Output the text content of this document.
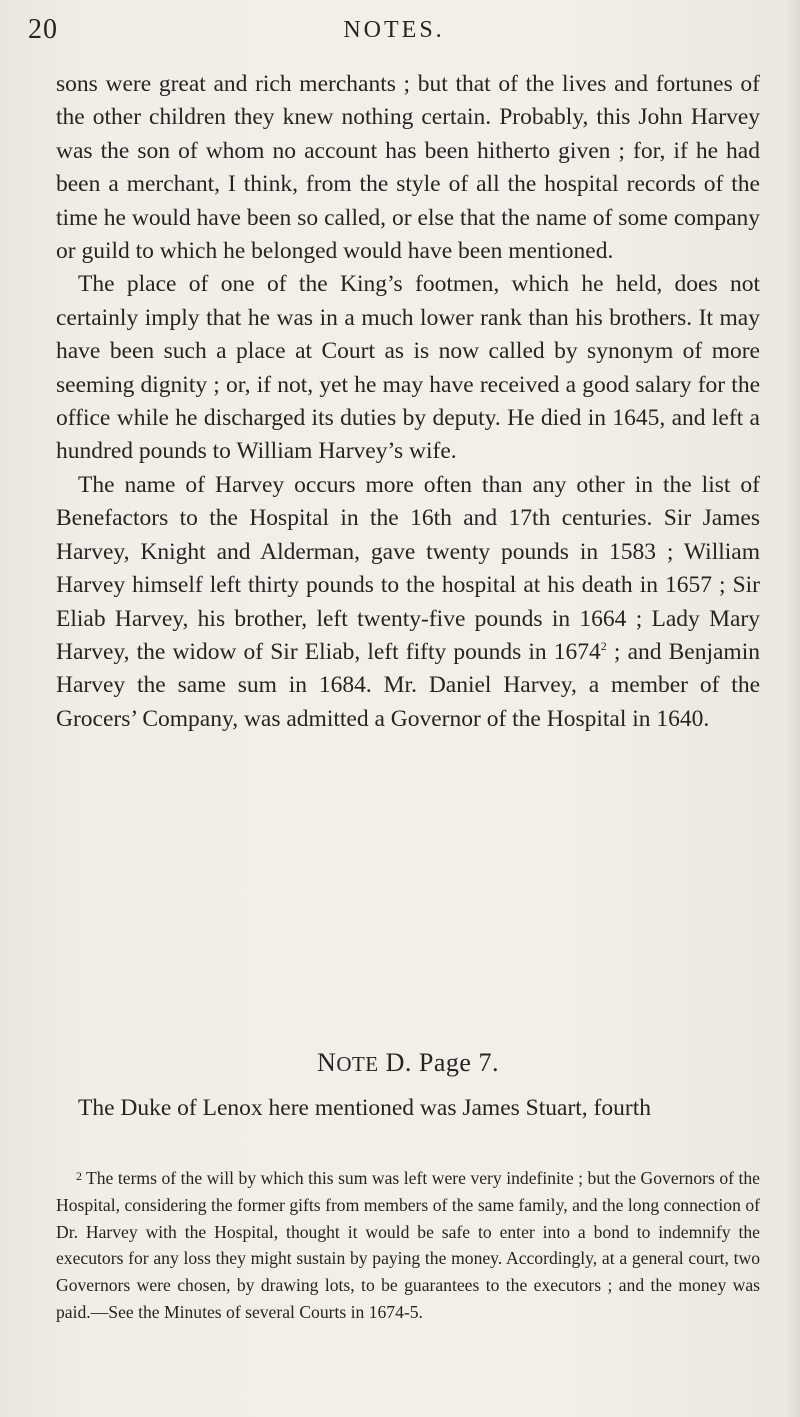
20	NOTES.

sons were great and rich merchants ; but that of the lives and fortunes of the other children they knew nothing certain. Probably, this John Harvey was the son of whom no account has been hitherto given ; for, if he had been a merchant, I think, from the style of all the hospital records of the time he would have been so called, or else that the name of some company or guild to which he belonged would have been mentioned.

The place of one of the King’s footmen, which he held, does not certainly imply that he was in a much lower rank than his brothers. It may have been such a place at Court as is now called by synonym of more seeming dignity ; or, if not, yet he may have received a good salary for the office while he discharged its duties by deputy. He died in 1645, and left a hundred pounds to William Harvey’s wife.

The name of Harvey occurs more often than any other in the list of Benefactors to the Hospital in the 16th and 17th centuries. Sir James Harvey, Knight and Alderman, gave twenty pounds in 1583 ; William Harvey himself left thirty pounds to the hospital at his death in 1657 ; Sir Eliab Harvey, his brother, left twenty-five pounds in 1664 ; Lady Mary Harvey, the widow of Sir Eliab, left fifty pounds in 1674$^2$ ; and Benjamin Harvey the same sum in 1684. Mr. Daniel Harvey, a member of the Grocers’ Company, was admitted a Governor of the Hospital in 1640.

NOTE D. Page 7.

The Duke of Lenox here mentioned was James Stuart, fourth

$^2$ The terms of the will by which this sum was left were very indefinite ; but the Governors of the Hospital, considering the former gifts from members of the same family, and the long connection of Dr. Harvey with the Hospital, thought it would be safe to enter into a bond to indemnify the executors for any loss they might sustain by paying the money. Accordingly, at a general court, two Governors were chosen, by drawing lots, to be guarantees to the executors ; and the money was paid.—See the Minutes of several Courts in 1674-5.
